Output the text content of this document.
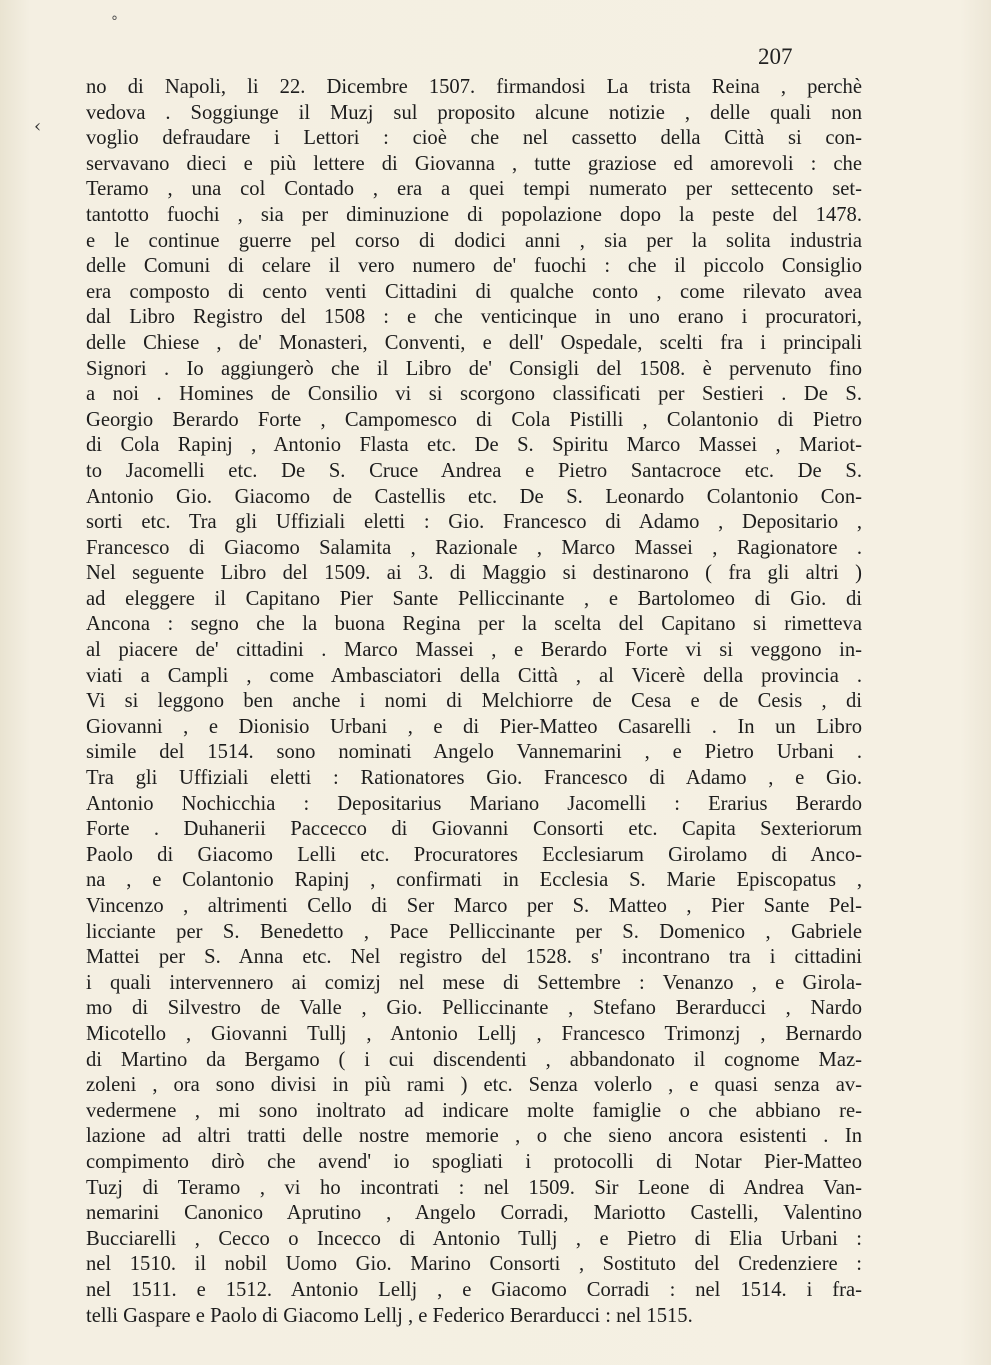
°
‹
207
no di Napoli, li 22. Dicembre 1507. firmandosi La trista Reina , perchè
vedova . Soggiunge il Muzj sul proposito alcune notizie , delle quali non
voglio defraudare i Lettori : cioè che nel cassetto della Città si con-
servavano dieci e più lettere di Giovanna , tutte graziose ed amorevoli : che
Teramo , una col Contado , era a quei tempi numerato per settecento set-
tantotto fuochi , sia per diminuzione di popolazione dopo la peste del 1478.
e le continue guerre pel corso di dodici anni , sia per la solita industria
delle Comuni di celare il vero numero de' fuochi : che il piccolo Consiglio
era composto di cento venti Cittadini di qualche conto , come rilevato avea
dal Libro Registro del 1508 : e che venticinque in uno erano i procuratori,
delle Chiese , de' Monasteri, Conventi, e dell' Ospedale, scelti fra i principali
Signori . Io aggiungerò che il Libro de' Consigli del 1508. è pervenuto fino
a noi . Homines de Consilio vi si scorgono classificati per Sestieri . De S.
Georgio Berardo Forte , Campomesco di Cola Pistilli , Colantonio di Pietro
di Cola Rapinj , Antonio Flasta etc. De S. Spiritu Marco Massei , Mariot-
to Jacomelli etc. De S. Cruce Andrea e Pietro Santacroce etc. De S.
Antonio Gio. Giacomo de Castellis etc. De S. Leonardo Colantonio Con-
sorti etc. Tra gli Uffiziali eletti : Gio. Francesco di Adamo , Depositario ,
Francesco di Giacomo Salamita , Razionale , Marco Massei , Ragionatore .
Nel seguente Libro del 1509. ai 3. di Maggio si destinarono ( fra gli altri )
ad eleggere il Capitano Pier Sante Pelliccinante , e Bartolomeo di Gio. di
Ancona : segno che la buona Regina per la scelta del Capitano si rimetteva
al piacere de' cittadini . Marco Massei , e Berardo Forte vi si veggono in-
viati a Campli , come Ambasciatori della Città , al Vicerè della provincia .
Vi si leggono ben anche i nomi di Melchiorre de Cesa e de Cesis , di
Giovanni , e Dionisio Urbani , e di Pier-Matteo Casarelli . In un Libro
simile del 1514. sono nominati Angelo Vannemarini , e Pietro Urbani .
Tra gli Uffiziali eletti : Rationatores Gio. Francesco di Adamo , e Gio.
Antonio Nochicchia : Depositarius Mariano Jacomelli : Erarius Berardo
Forte . Duhanerii Paccecco di Giovanni Consorti etc. Capita Sexteriorum
Paolo di Giacomo Lelli etc. Procuratores Ecclesiarum Girolamo di Anco-
na , e Colantonio Rapinj , confirmati in Ecclesia S. Marie Episcopatus ,
Vincenzo , altrimenti Cello di Ser Marco per S. Matteo , Pier Sante Pel-
licciante per S. Benedetto , Pace Pelliccinante per S. Domenico , Gabriele
Mattei per S. Anna etc. Nel registro del 1528. s' incontrano tra i cittadini
i quali intervennero ai comizj nel mese di Settembre : Venanzo , e Girola-
mo di Silvestro de Valle , Gio. Pelliccinante , Stefano Berarducci , Nardo
Micotello , Giovanni Tullj , Antonio Lellj , Francesco Trimonzj , Bernardo
di Martino da Bergamo ( i cui discendenti , abbandonato il cognome Maz-
zoleni , ora sono divisi in più rami ) etc. Senza volerlo , e quasi senza av-
vedermene , mi sono inoltrato ad indicare molte famiglie o che abbiano re-
lazione ad altri tratti delle nostre memorie , o che sieno ancora esistenti . In
compimento dirò che avend' io spogliati i protocolli di Notar Pier-Matteo
Tuzj di Teramo , vi ho incontrati : nel 1509. Sir Leone di Andrea Van-
nemarini Canonico Aprutino , Angelo Corradi, Mariotto Castelli, Valentino
Bucciarelli , Cecco o Incecco di Antonio Tullj , e Pietro di Elia Urbani :
nel 1510. il nobil Uomo Gio. Marino Consorti , Sostituto del Credenziere :
nel 1511. e 1512. Antonio Lellj , e Giacomo Corradi : nel 1514. i fra-
telli Gaspare e Paolo di Giacomo Lellj , e Federico Berarducci : nel 1515.
